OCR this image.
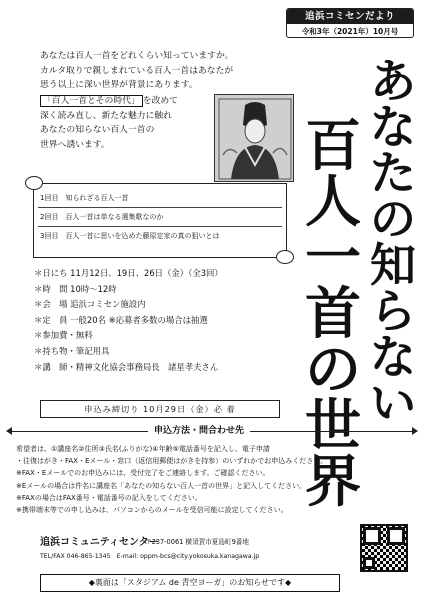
追浜コミセンだより
令和3年（2021年）10月号

あなたは百人一首をどれくらい知っていますか。

カルタ取りで親しまれている百人一首はあなたが

思う以上に深い世界が背景にあります。

「百人一首とその時代」 を改めて

深く読み直し、新たな魅力に触れ

あなたの知らない百人一首の

世界へ誘います。

あ
な
た
の
知
ら
な
い
百
人
一
首
の
世
界
1回目　知られざる百人一首
2回目　百人一首は単なる選集歌なのか
3回目　百人一首に思いを込めた藤原定家の真の狙いとは

＊日にち 11月12日、19日、26日（金）（全3回）

＊時　間 10時～12時

＊会　場 追浜コミセン施設内

＊定　員 一般20名 ※応募者多数の場合は抽選

＊参加費・無料

＊持ち物・筆記用具

＊講　師・精神文化協会事務局長　諸星孝夫さん

申込み締切り 10月29日（金）必 着
申込方法・問合わせ先

希望者は、①講座名②住所③氏名(ふりがな)④年齢⑤電話番号を記入し、電子申請

・往復はがき・FAX・Eメール・窓口（返信用郵便はがきを持参）のいずれかでお申込みください。

※FAX・Eメールでのお申込みには、受付完了をご連絡します。ご確認ください。

※Eメールの場合は件名に講座名「あなたの知らない百人一首の世界」と記入してください。

※FAXの場合はFAX番号・電話番号の記入をしてください。

※携帯端末等での申し込みは、パソコンからのメールを受信可能に設定してください。

追浜コミュニティセンター
〒237-0061 横須賀市夏島町9番地
TEL/FAX 046-865-1345　E-mail: oppm-bcs@city.yokosuka.kanagawa.jp
◆裏面は「スタジアム de 青空ヨーガ」のお知らせです◆
